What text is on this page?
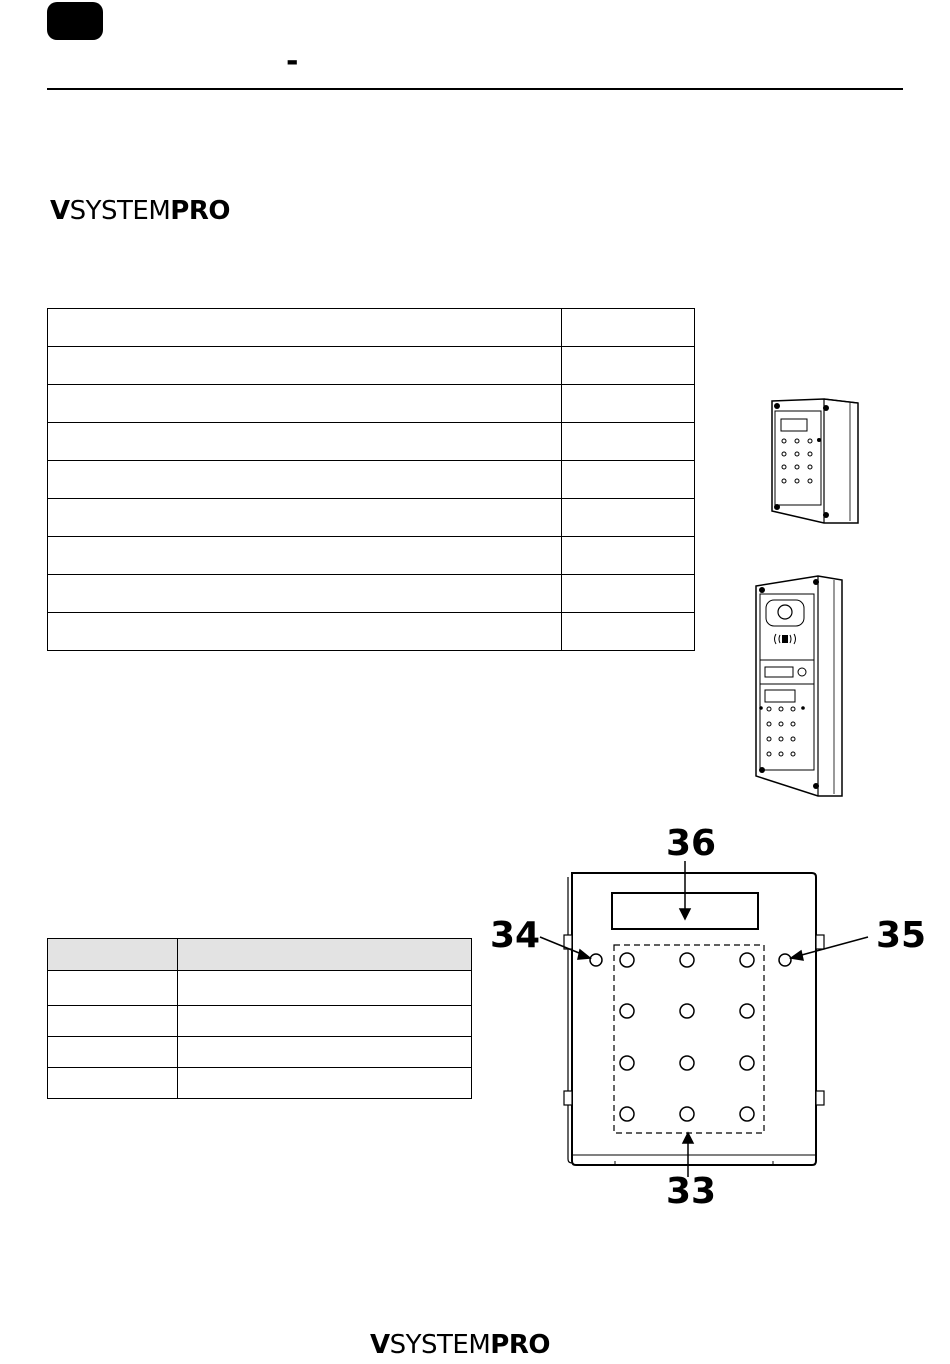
-
VSYSTEMPRO

36
34	35
33
VSYSTEMPRO
